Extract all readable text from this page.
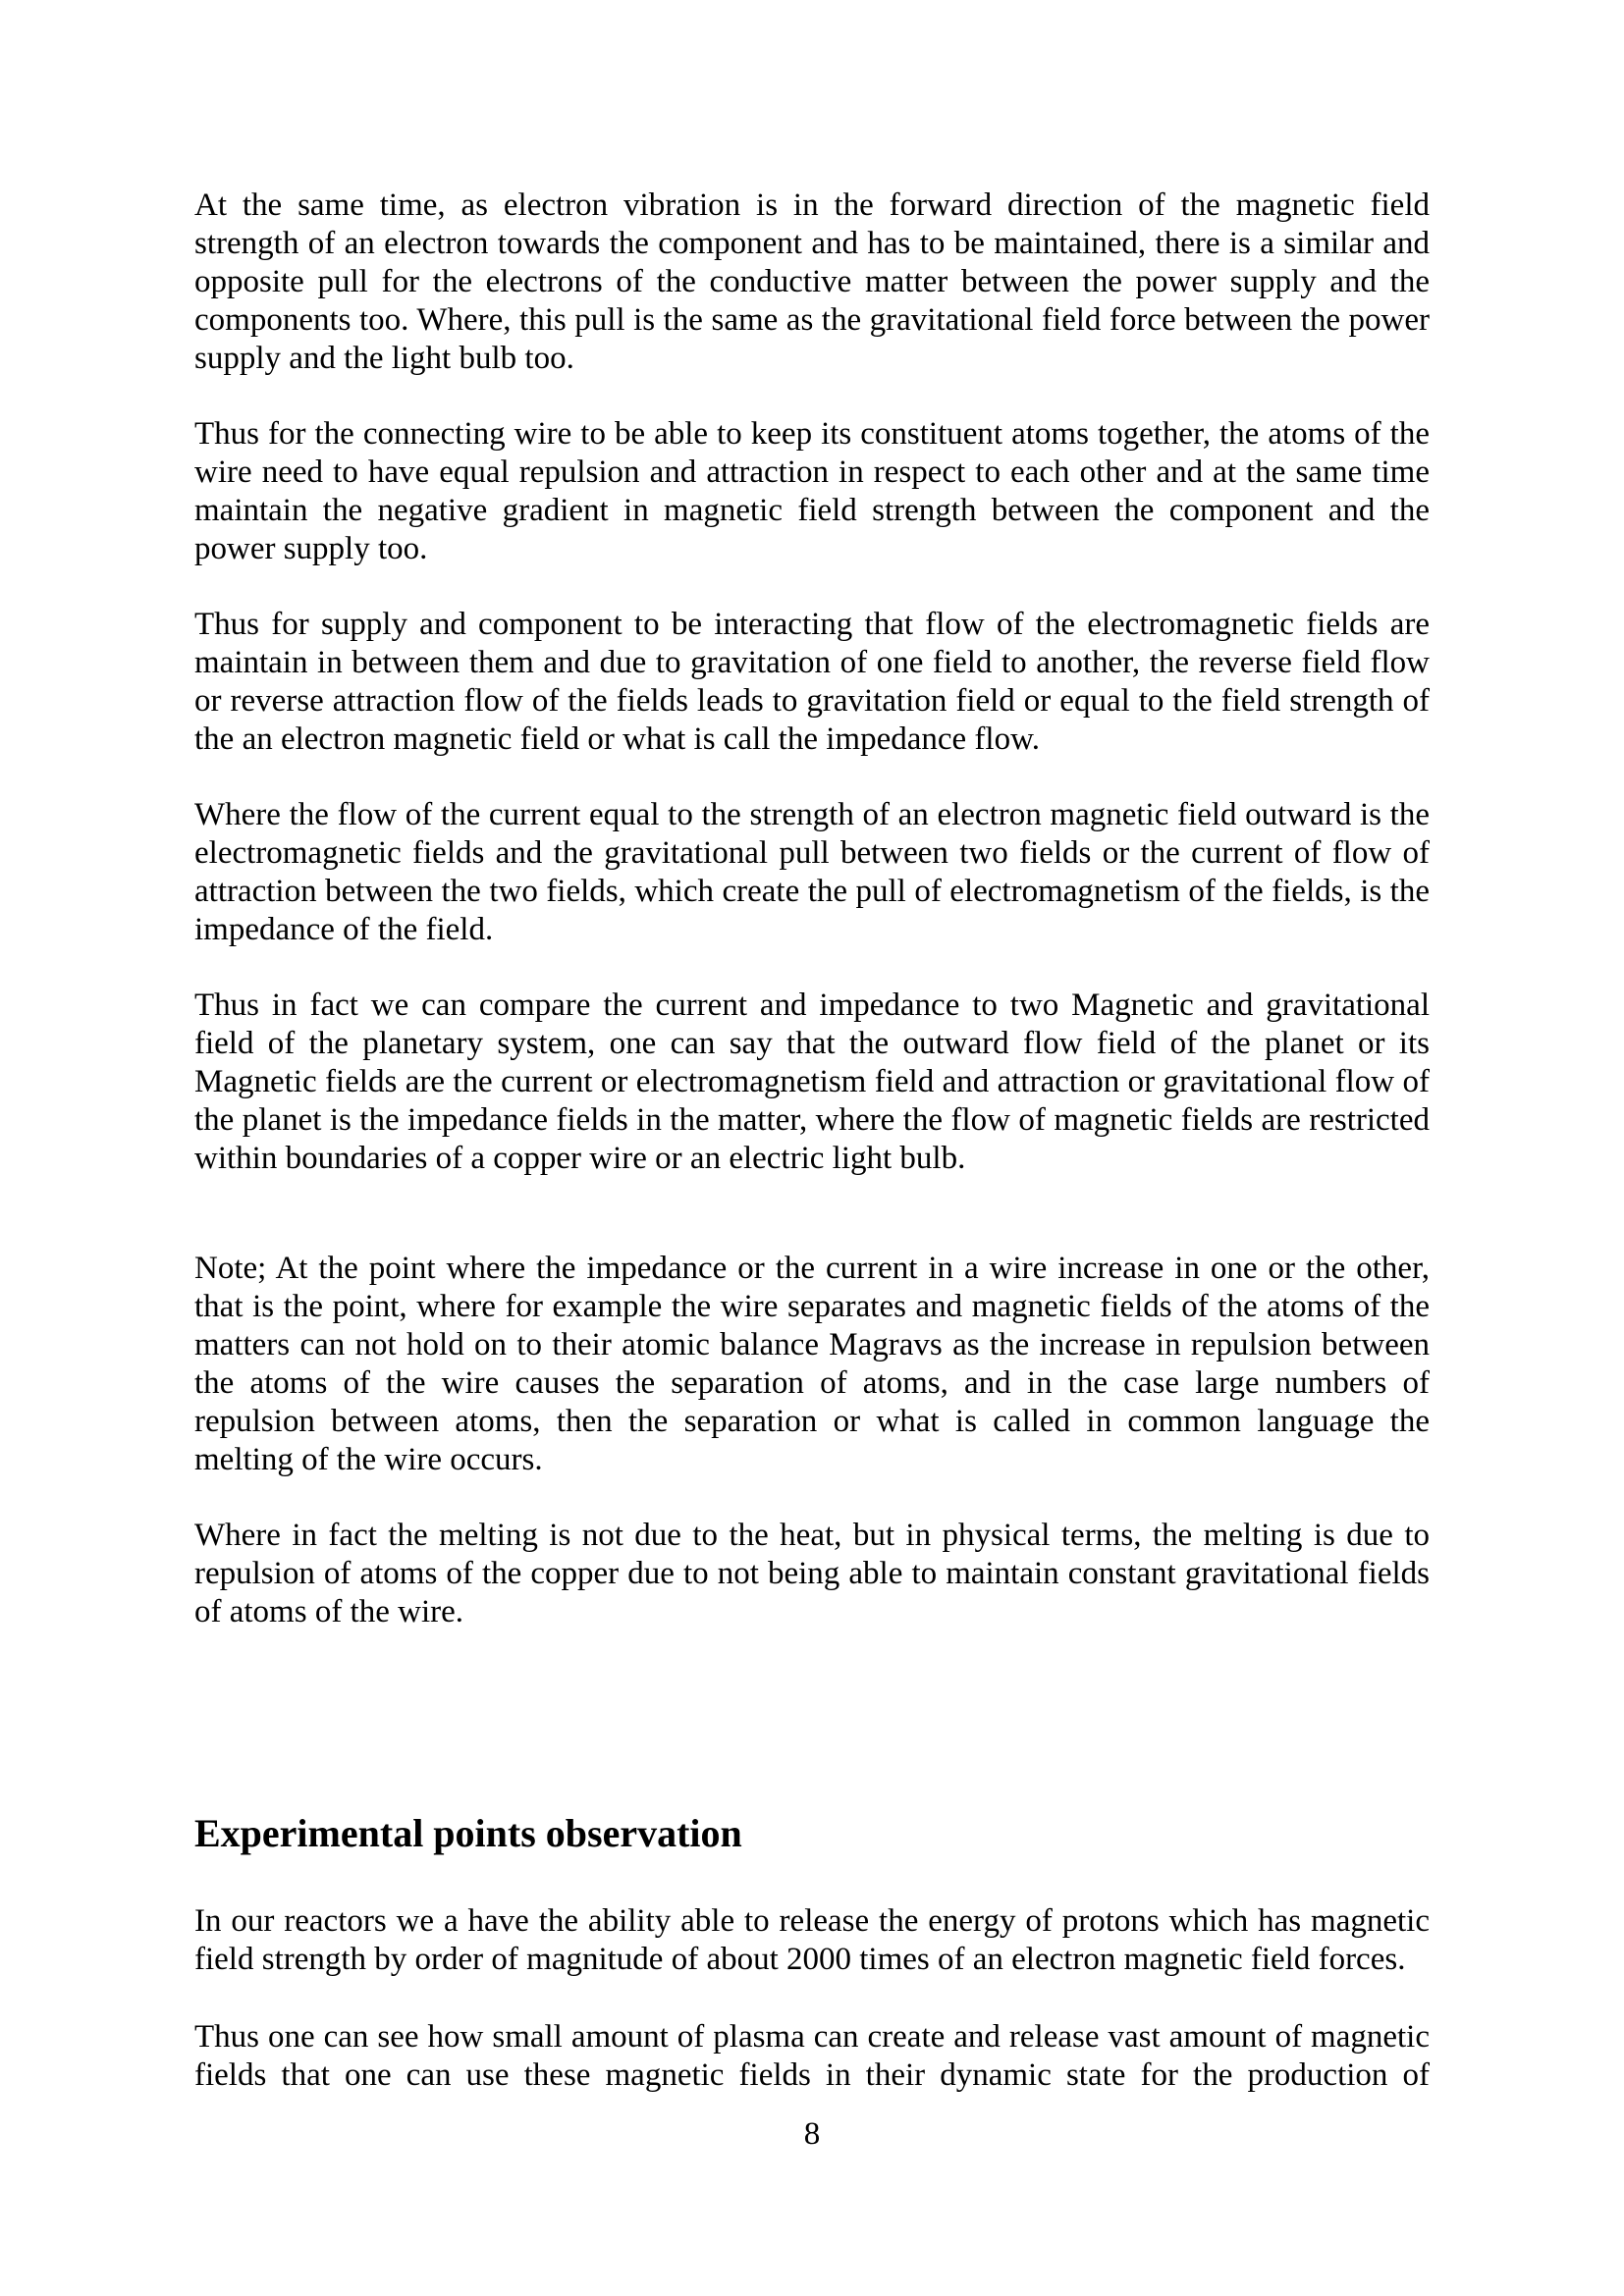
At the same time, as electron vibration is in the forward direction of the magnetic field strength of an electron towards the component and has to be maintained, there is a similar and opposite pull for the electrons of the conductive matter between the power supply and the components too. Where, this pull is the same as the gravitational field force between the power supply and the light bulb too.

Thus for the connecting wire to be able to keep its constituent atoms together, the atoms of the wire need to have equal repulsion and attraction in respect to each other and at the same time maintain the negative gradient in magnetic field strength between the component and the power supply too.

Thus for supply and component to be interacting that flow of the electromagnetic fields are maintain in between them and due to gravitation of one field to another, the reverse field flow or reverse attraction flow of the fields leads to gravitation field or equal to the field strength of the an electron magnetic field or what is call the impedance flow.

Where the flow of the current equal to the strength of an electron magnetic field outward is the electromagnetic fields and the gravitational pull between two fields or the current of flow of attraction between the two fields, which create the pull of electromagnetism of the fields, is the impedance of the field.

Thus in fact we can compare the current and impedance to two Magnetic and gravitational field of the planetary system, one can say that the outward flow field of the planet or its Magnetic fields are the current or electromagnetism field and attraction or gravitational flow of the planet is the impedance fields in the matter, where the flow of magnetic fields are restricted within boundaries of a copper wire or an electric light bulb.

Note; At the point where the impedance or the current in a wire increase in one or the other, that is the point, where for example the wire separates and magnetic fields of the atoms of the matters can not hold on to their atomic balance Magravs as the increase in repulsion between the atoms of the wire causes the separation of atoms, and in the case large numbers of repulsion between atoms, then the separation or what is called in common language the melting of the wire occurs.

Where in fact the melting is not due to the heat, but in physical terms, the melting is due to repulsion of atoms of the copper due to not being able to maintain constant gravitational fields of atoms of the wire.

Experimental points observation

In our reactors we a have the ability able to release the energy of protons which has magnetic field strength by order of magnitude of about 2000 times of an electron magnetic field forces.

Thus one can see how small amount of plasma can create and release vast amount of magnetic fields that one can use these magnetic fields in their dynamic state for the production of

8
